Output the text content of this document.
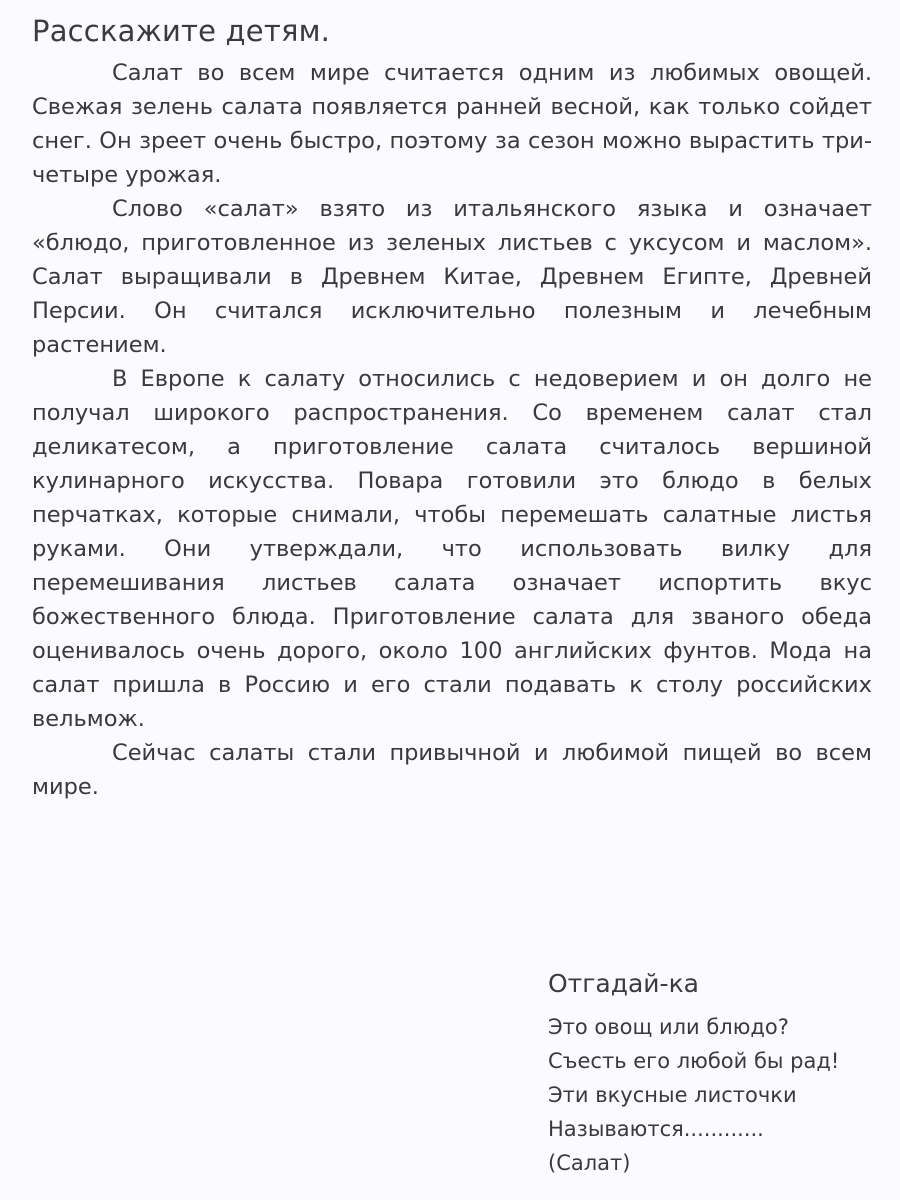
Расскажите детям.

Салат во всем мире считается одним из любимых овощей. Свежая зелень салата появляется ранней весной, как только сойдет снег. Он зреет очень быстро, поэтому за сезон можно вырастить три-четыре урожая.

Слово «салат» взято из итальянского языка и означает «блюдо, приготовленное из зеленых листьев с уксусом и маслом». Салат выращивали в Древнем Китае, Древнем Египте, Древней Персии. Он считался исключительно полезным и лечебным растением.

В Европе к салату относились с недоверием и он долго не получал широкого распространения. Со временем салат стал деликатесом, а приготовление салата считалось вершиной кулинарного искусства. Повара готовили это блюдо в белых перчатках, которые снимали, чтобы перемешать салатные листья руками. Они утверждали, что использовать вилку для перемешивания листьев салата означает испортить вкус божественного блюда. Приготовление салата для званого обеда оценивалось очень дорого, около 100 английских фунтов. Мода на салат пришла в Россию и его стали подавать к столу российских вельмож.

Сейчас салаты стали привычной и любимой пищей во всем мире.

Отгадай-ка
Это овощ или блюдо?
Съесть его любой бы рад!
Эти вкусные листочки
Называются............
(Салат)
